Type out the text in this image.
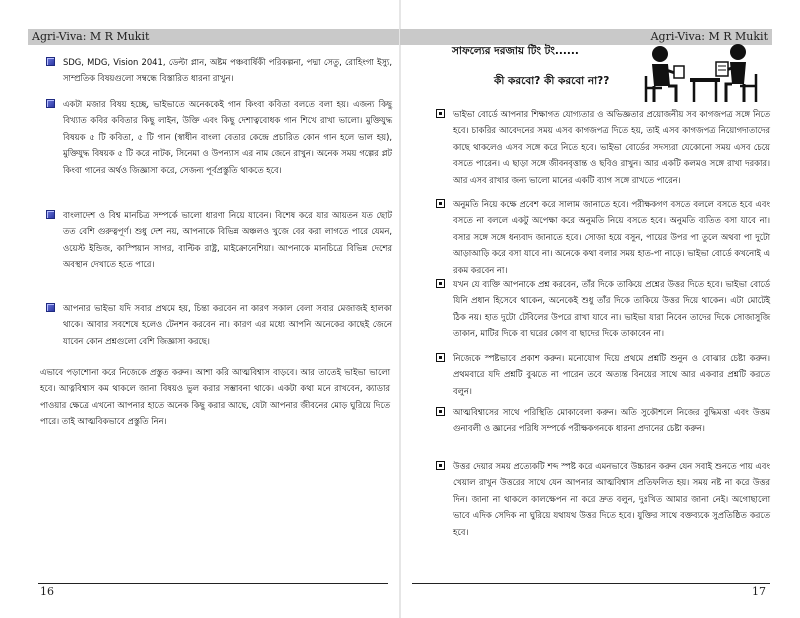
Agri-Viva: M R Mukit

SDG, MDG, Vision 2041, ডেল্টা প্লান, অষ্টম পঞ্চবার্ষিকী পরিকল্পনা, পদ্মা সেতু, রোহিংগা ইস্যু, সাম্প্রতিক বিষয়গুলো সম্বন্ধে বিস্তারিত ধারনা রাখুন।

একটা মজার বিষয় হচ্ছে, ভাইভাতে অনেককেই গান কিংবা কবিতা বলতে বলা হয়। এজন্য কিছু বিখ্যাত কবির কবিতার কিছু লাইন, উক্তি এবং কিছু দেশাত্ববোধক গান শিখে রাখা ভালো। মুক্তিযুদ্ধ বিষয়ক ৫ টি কবিতা, ৫ টি গান (স্বাধীন বাংলা বেতার কেন্দ্রে প্রচারিত কোন গান হলে ভাল হয়), মুক্তিযুদ্ধ বিষয়ক ৫ টি করে নাটক, সিনেমা ও উপন্যাস এর নাম জেনে রাখুন। অনেক সময় গল্পের প্লট কিংবা গানের অর্থও জিজ্ঞাসা করে, সেজন্য পূর্বপ্রস্তুতি থাকতে হবে।

বাংলাদেশ ও বিশ্ব মানচিত্র সম্পর্কে ভালো ধারণা নিয়ে যাবেন। বিশেষ করে যার আয়তন যত ছোট তত বেশি গুরুত্বপূর্ণ। শুধু দেশ নয়, আপনাকে বিভিন্ন অঞ্চলও খুজে বের করা লাগতে পারে যেমন, ওয়েস্ট ইন্ডিজ, কাস্পিয়ান সাগর, বাল্টিক রাষ্ট্র, মাইক্রোনেশিয়া। আপনাকে মানচিত্রে বিভিন্ন দেশের অবস্থান দেখাতে হতে পারে।

আপনার ভাইভা যদি সবার প্রথমে হয়, চিন্তা করবেন না কারণ সকাল বেলা সবার মেজাজই হালকা থাকে। আবার সবশেষে হলেও টেনশন করবেন না। কারণ এর মধ্যে আপনি অনেকের কাছেই জেনে যাবেন কোন প্রশ্নগুলো বেশি জিজ্ঞাসা করছে।

এভাবে পড়াশোনা করে নিজেকে প্রস্তুত করুন। আশা করি আত্মবিশ্বাস বাড়বে। আর তাতেই ভাইভা ভালো হবে। আত্নবিশ্বাস কম থাকলে জানা বিষয়ও ভুল করার সম্ভাবনা থাকে। একটা কথা মনে রাখবেন, ক্যাডার পাওয়ার ক্ষেত্রে এখনো আপনার হাতে অনেক কিছু করার আছে, যেটা আপনার জীবনের মোড় ঘুরিয়ে দিতে পারে। তাই আত্মবিকভাবে প্রস্তুতি নিন।

16
Agri-Viva: M R Mukit
সাফল্যের দরজায় টিং টং......
কী করবো? কী করবো না??

ভাইভা বোর্ডে আপনার শিক্ষাগত যোগ্যতার ও অভিজ্ঞতার প্রয়োজনীয় সব কাগজপত্র সঙ্গে নিতে হবে। চাকরির আবেদনের সময় এসব কাগজপত্র দিতে হয়, তাই এসব কাগজপত্র নিয়োগদাতাদের কাছে থাকলেও এসব সঙ্গে করে নিতে হবে। ভাইভা বোর্ডের সদস্যরা যেকোনো সময় এসব চেয়ে বসতে পারেন। এ ছাড়া সঙ্গে জীবনবৃত্তান্ত ও ছবিও রাখুন। আর একটি কলমও সঙ্গে রাখা দরকার। আর এসব রাখার জন্য ভালো মানের একটি ব্যাগ সঙ্গে রাখতে পারেন।

অনুমতি নিয়ে কক্ষে প্রবেশ করে সালাম জানাতে হবে। পরীক্ষকগণ বসতে বললে বসতে হবে এবং বসতে না বললে একটু অপেক্ষা করে অনুমতি নিয়ে বসতে হবে। অনুমতি ব্যতিত বসা যাবে না। বসার সঙ্গে সঙ্গে ধন্যবাদ জানাতে হবে। সোজা হয়ে বসুন, পায়ের উপর পা তুলে অথবা পা দুটো আড়াআড়ি করে বসা যাবে না। অনেকে কথা বলার সময় হাত-পা নাড়ে। ভাইভা বোর্ডে কখনোই এ রকম করবেন না।

যখন যে ব্যক্তি আপনাকে প্রশ্ন করবেন, তাঁর দিকে তাকিয়ে প্রশ্নের উত্তর দিতে হবে। ভাইভা বোর্ডে যিনি প্রধান হিসেবে থাকেন, অনেকেই শুধু তাঁর দিকে তাকিয়ে উত্তর দিয়ে থাকেন। এটা মোটেই ঠিক নয়। হাত দুটো টেবিলের উপরে রাখা যাবে না। ভাইভা যারা নিবেন তাদের দিকে সোজাসুজি তাকান, মাটির দিকে বা ঘরের কোণ বা ছাদের দিকে তাকাবেন না।

নিজেকে স্পষ্টভাবে প্রকাশ করুন। মনোযোগ দিয়ে প্রথমে প্রশ্নটি শুনুন ও বোঝার চেষ্টা করুন। প্রথমবারে যদি প্রশ্নটি বুঝতে না পারেন তবে অত্যন্ত বিনয়ের সাথে আর একবার প্রশ্নটি করতে বলুন।

আত্মবিশ্বাসের সাথে পরিস্থিতি মোকাবেলা করুন। অতি সুকৌশলে নিজের বুদ্ধিমত্তা এবং উত্তম গুনাবলী ও জ্ঞানের পরিধি সম্পর্কে পরীক্ষকগনকে ধারনা প্রদানের চেষ্টা করুন।

উত্তর দেয়ার সময় প্রত্যেকটি শব্দ স্পষ্ট করে এমনভাবে উচ্চারন করুন যেন সবাই শুনতে পায় এবং খেয়াল রাখুন উত্তরের সাথে যেন আপনার আত্মবিশ্বাস প্রতিফলিত হয়। সময় নষ্ট না করে উত্তর দিন। জানা না থাকলে কালক্ষেপন না করে দ্রুত বলুন, দুঃখিত আমার জানা নেই। অগোছালো ভাবে এদিক সেদিক না ঘুরিয়ে যথাযথ উত্তর দিতে হবে। যুক্তির সাথে বক্তব্যকে সুপ্রতিষ্ঠিত করতে হবে।

17
